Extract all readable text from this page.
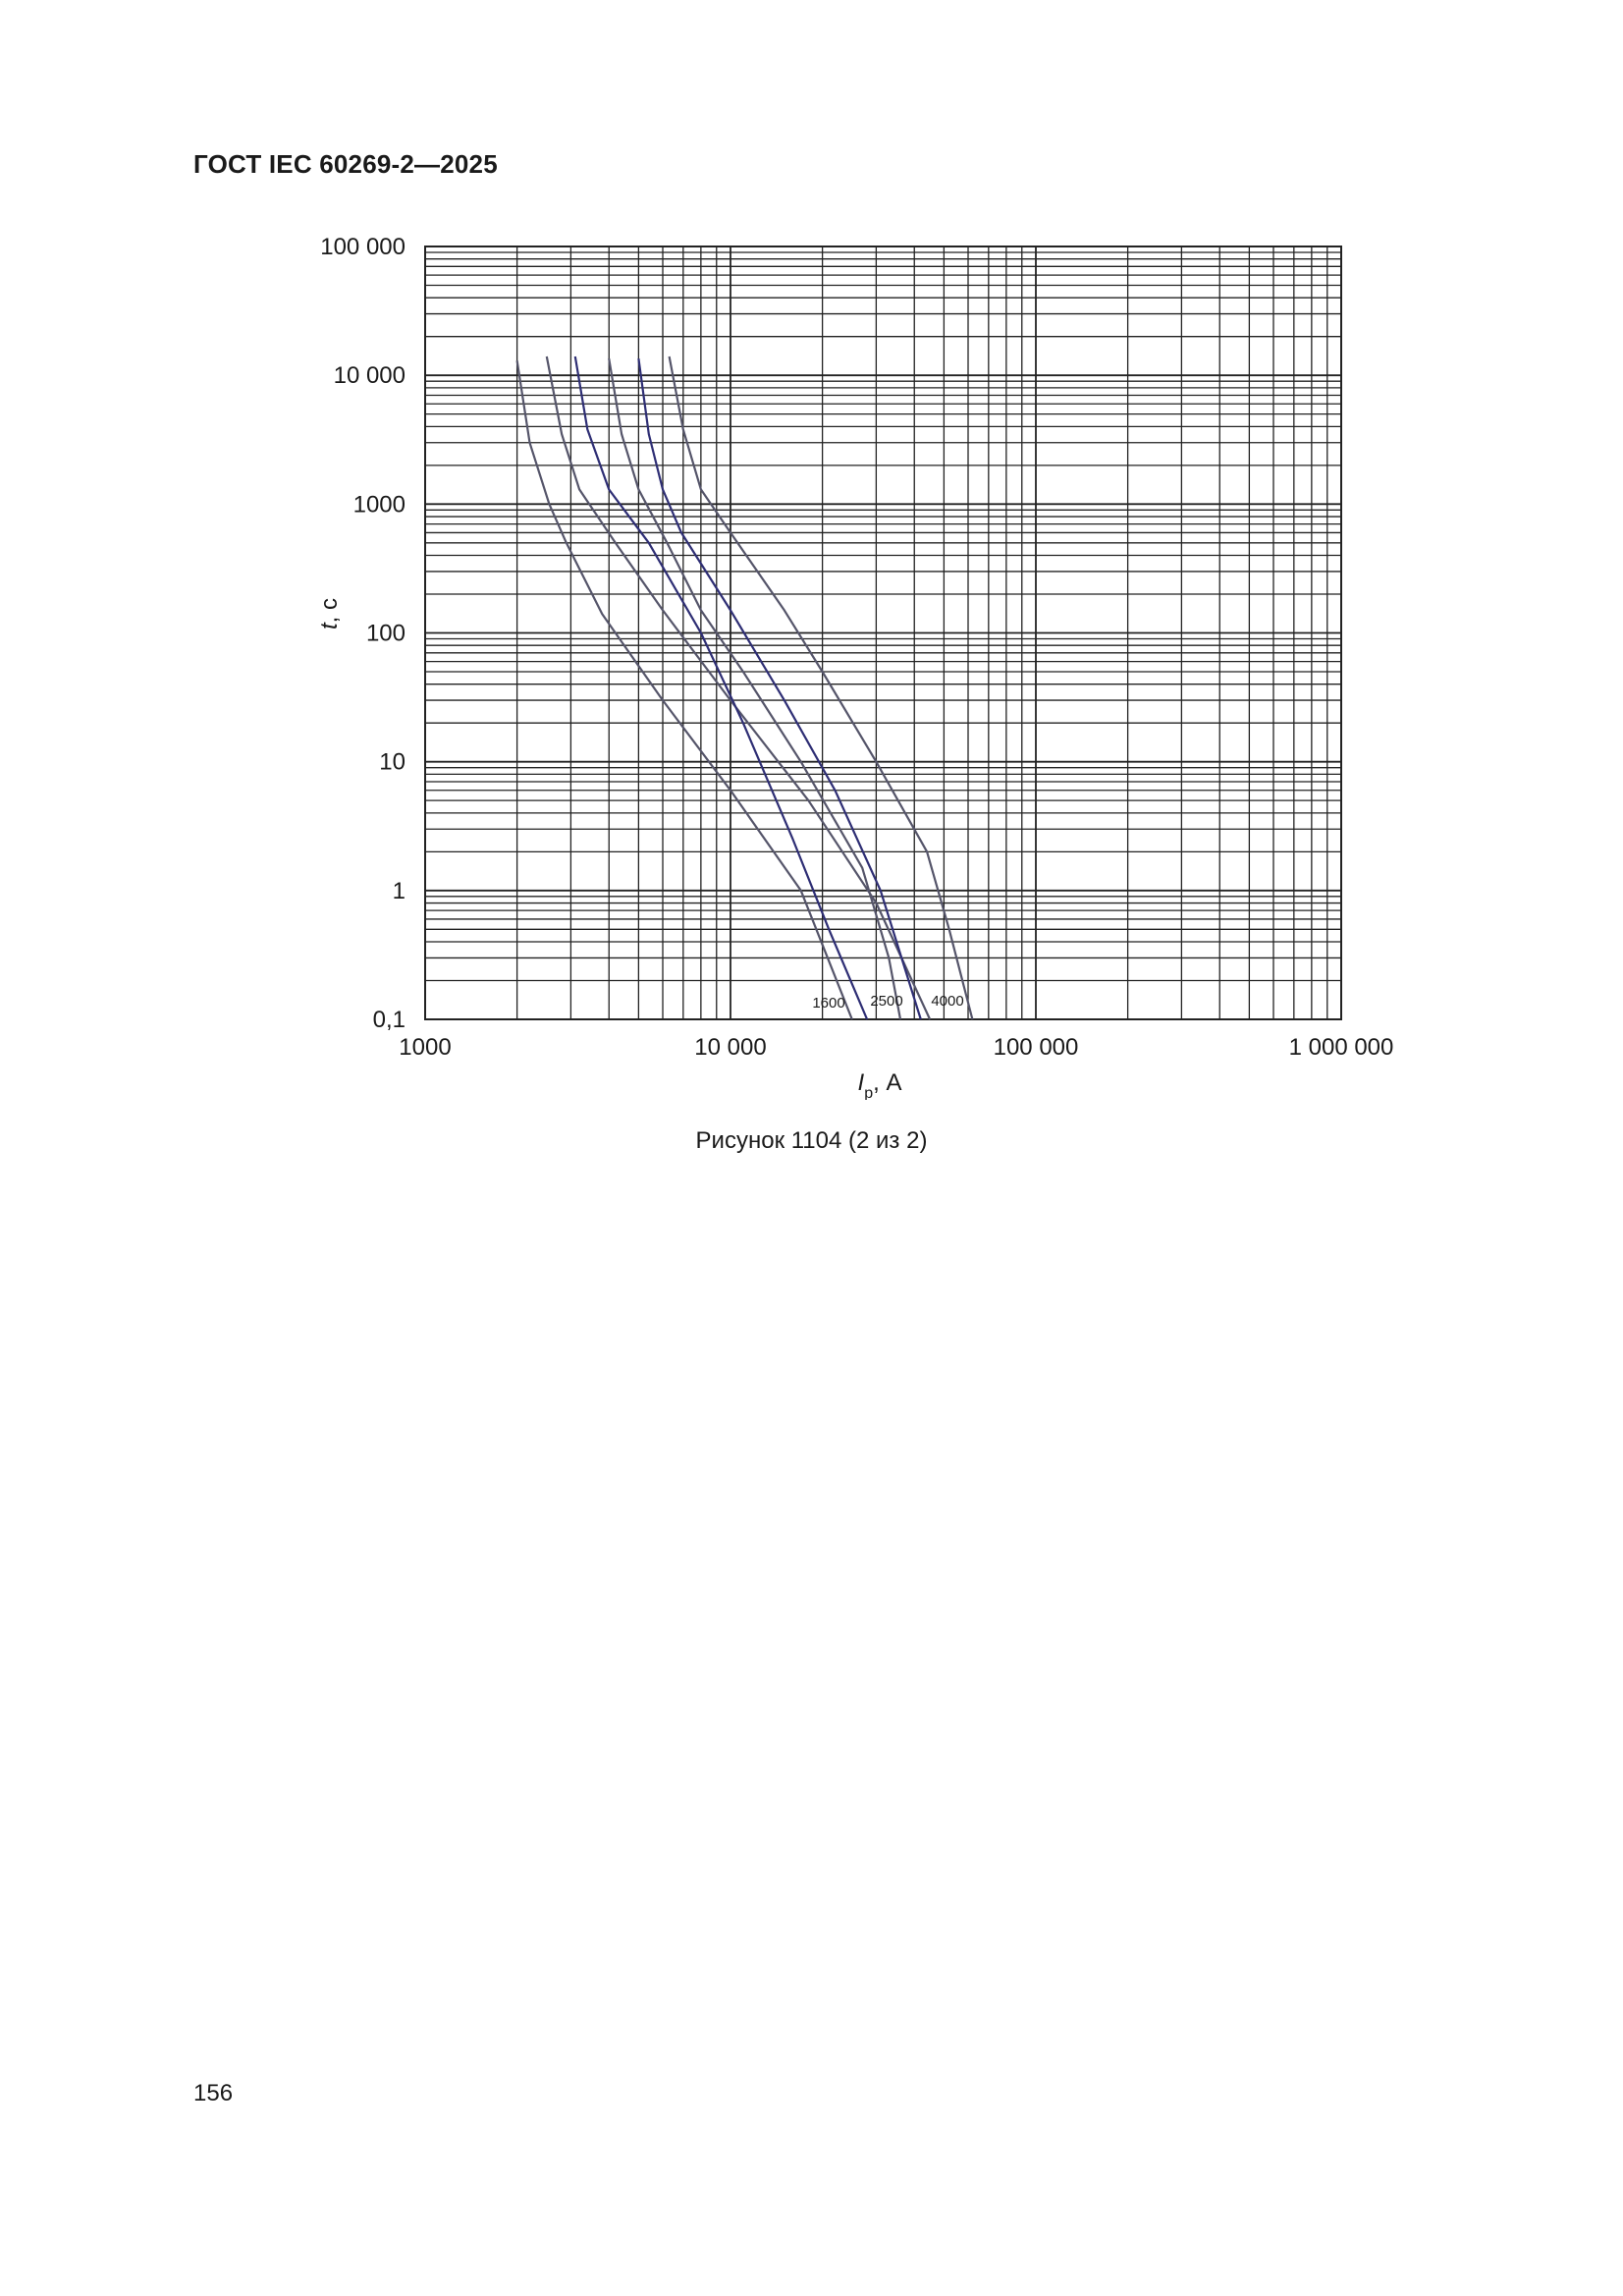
ГОСТ IEC 60269-2—2025
1600 2500 4000
100 000
10 000
1000
100
10
1
0,1
1000	10 000	100 000	1 000 000
t, с
$I_p$, А
Рисунок 1104 (2 из 2)
156
